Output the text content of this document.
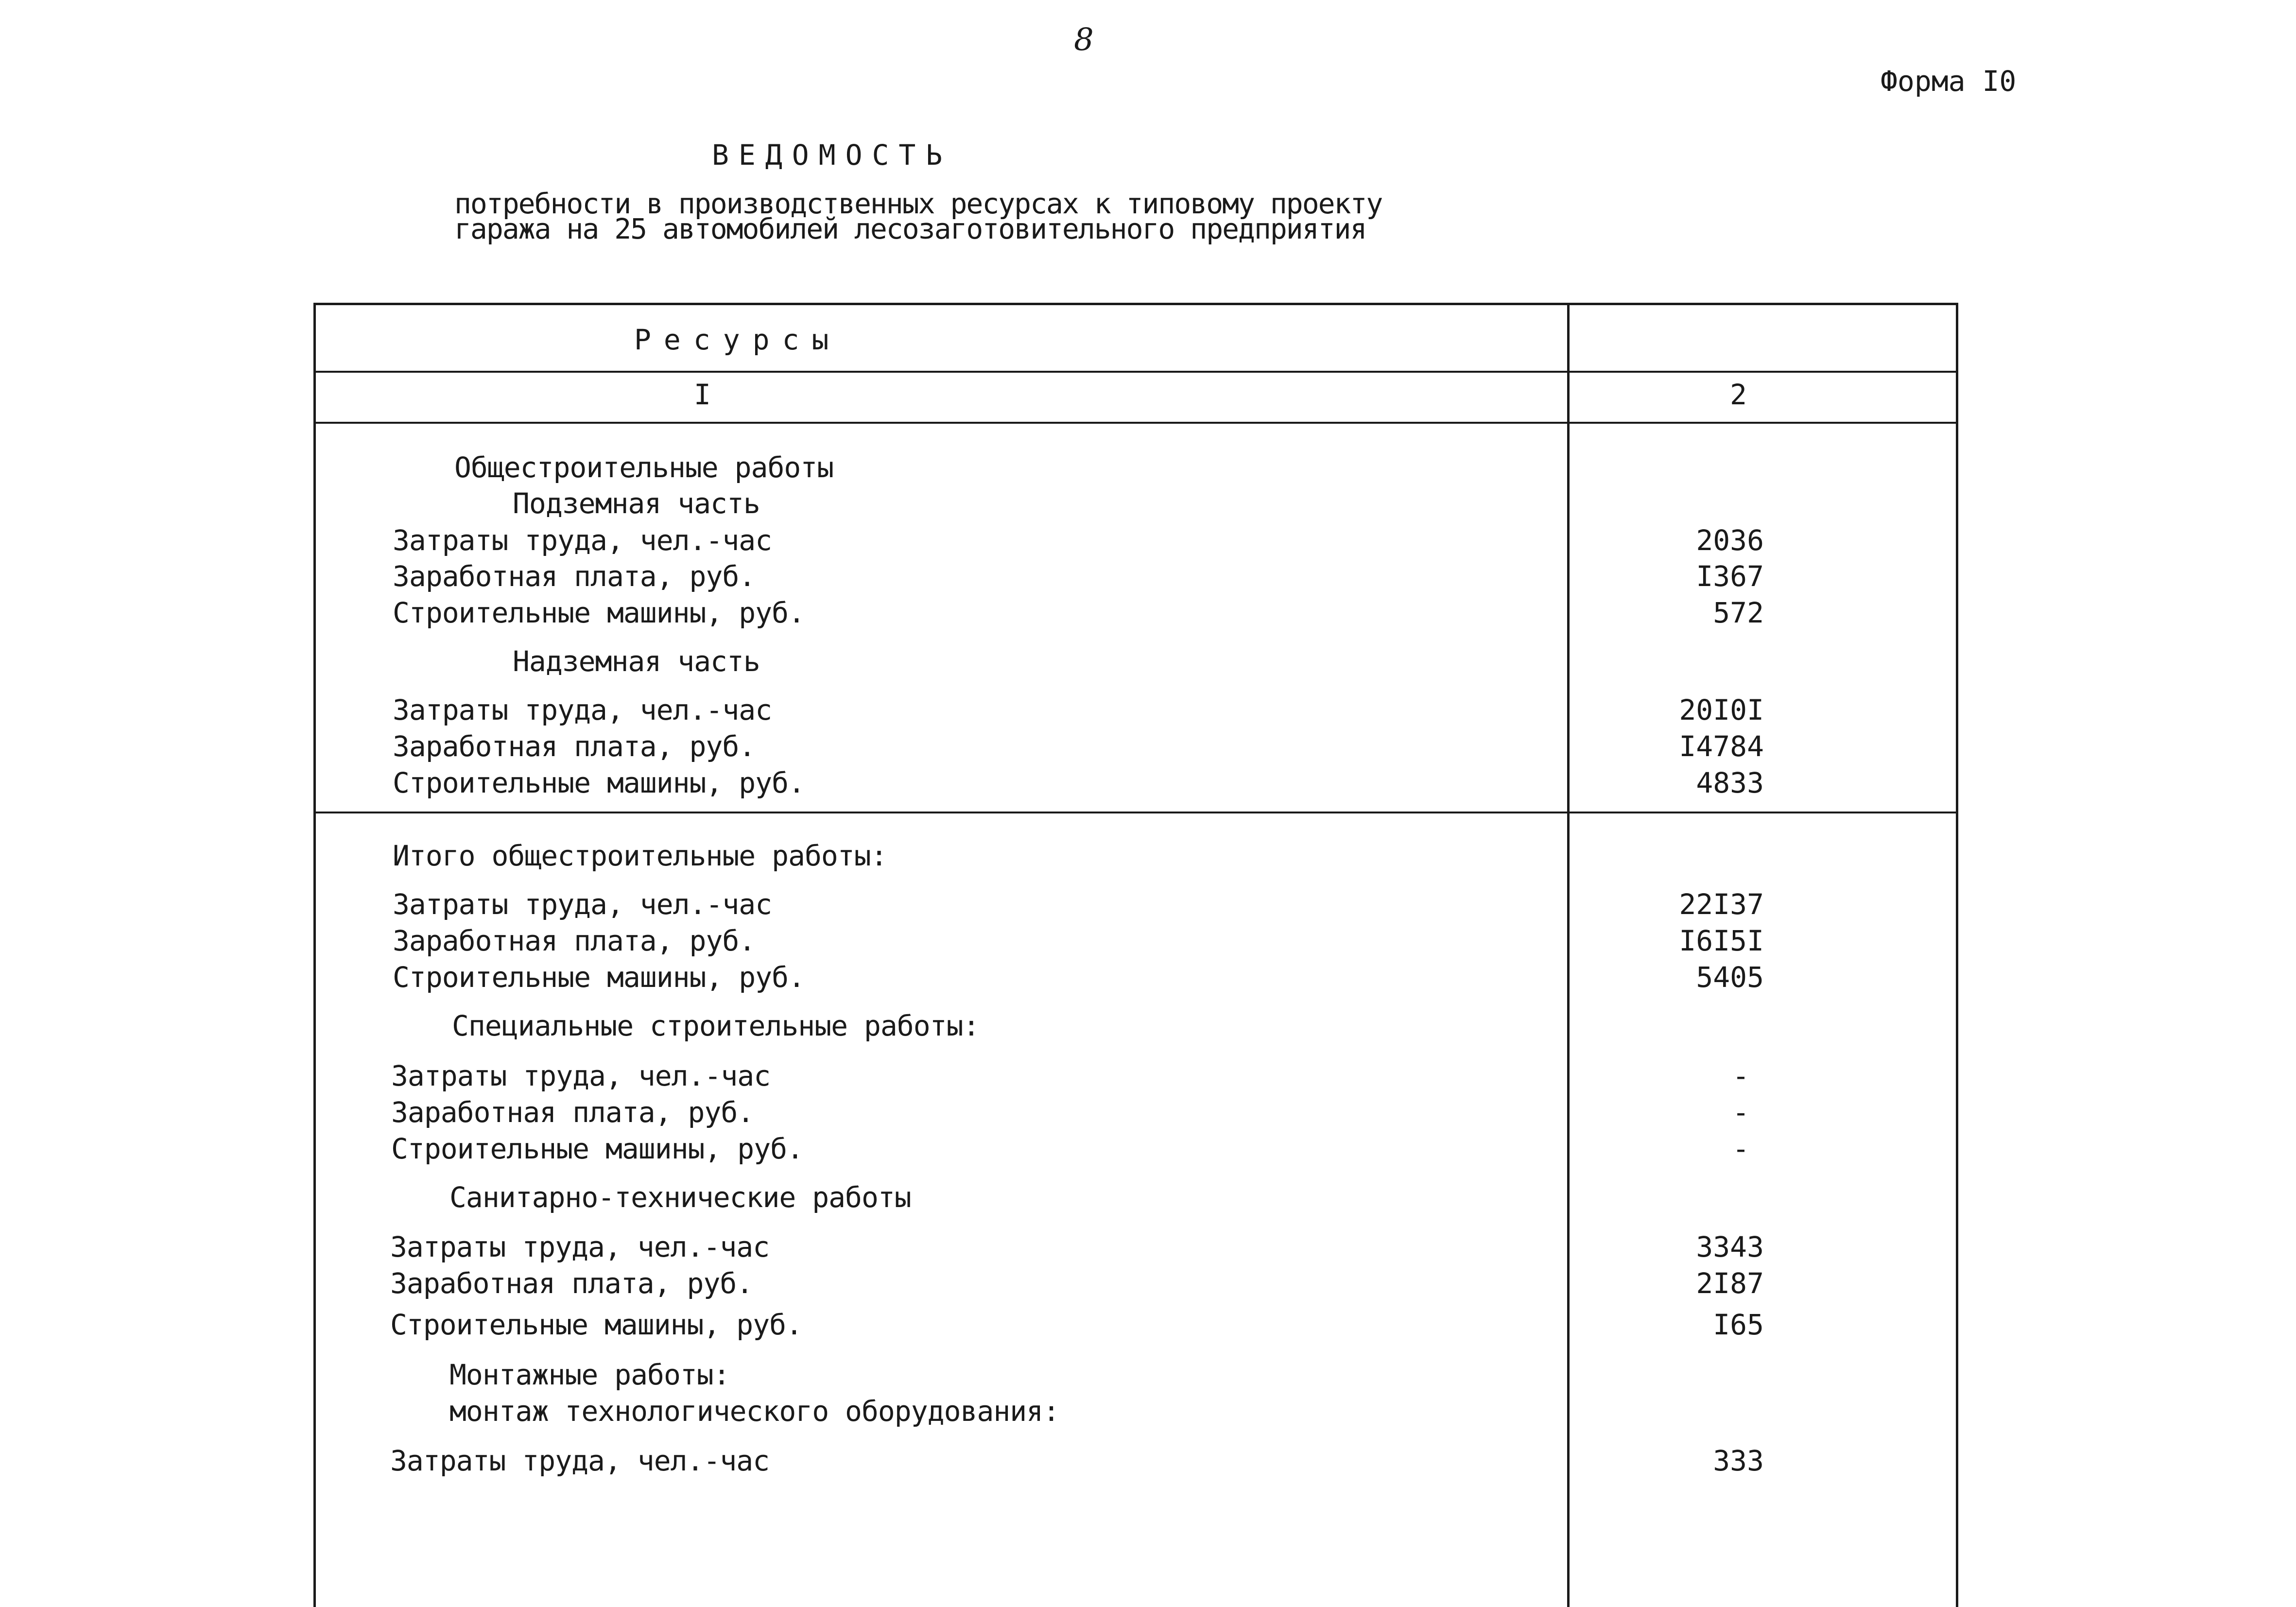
8
Форма I0
ВЕДОМОСТЬ
потребности в производственных ресурсах к типовому проекту
гаража на 25 автомобилей лесозаготовительного предприятия
Ресурсы
I	2
Общестроительные работы
Подземная часть
Затраты труда, чел.-час	2036
Заработная плата, руб.	I367
Строительные машины, руб.	572
Надземная часть
Затраты труда, чел.-час	20I0I
Заработная плата, руб.	I4784
Строительные машины, руб.	4833
Итого общестроительные работы:
Затраты труда, чел.-час	22I37
Заработная плата, руб.	I6I5I
Строительные машины, руб.	5405
Специальные строительные работы:
Затраты труда, чел.-час	-
Заработная плата, руб.	-
Строительные машины, руб.	-
Санитарно-технические работы
Затраты труда, чел.-час	3343
Заработная плата, руб.	2I87
Строительные машины, руб.	I65
Монтажные работы:
монтаж технологического оборудования:
Затраты труда, чел.-час	333
